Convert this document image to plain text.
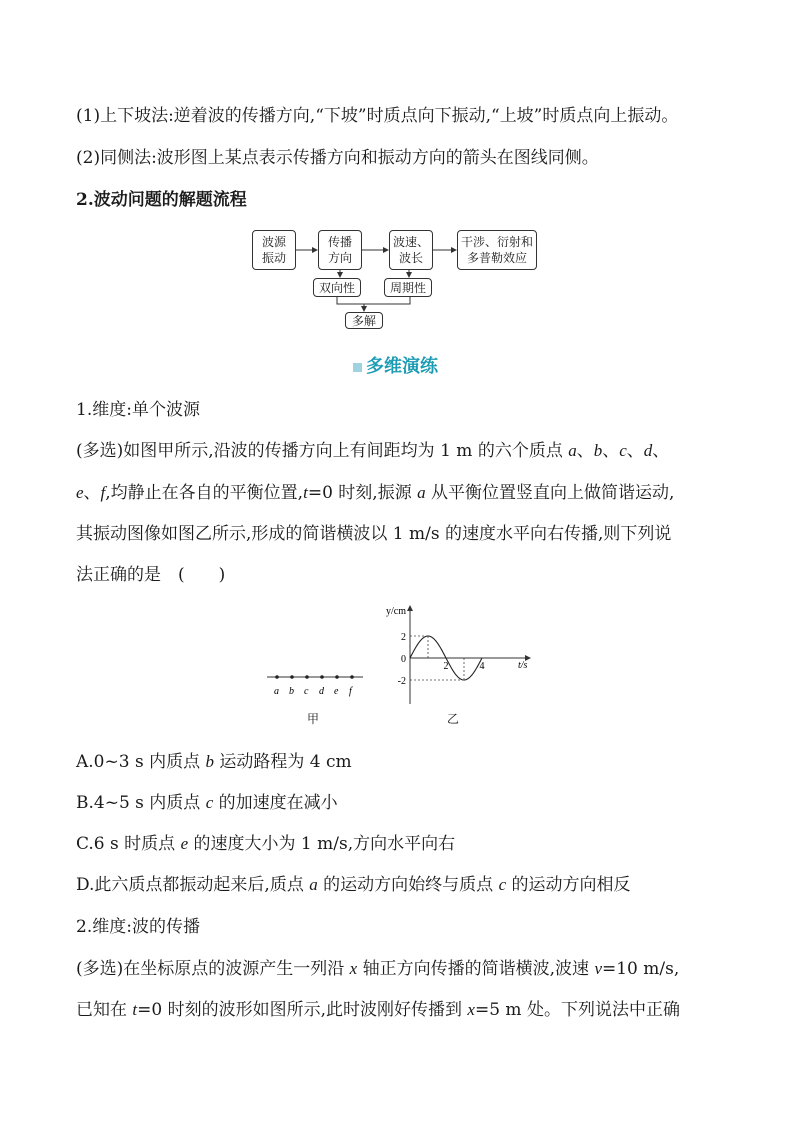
(1)上下坡法:逆着波的传播方向,“下坡”时质点向下振动,“上坡”时质点向上振动。
(2)同侧法:波形图上某点表示传播方向和振动方向的箭头在图线同侧。
2.波动问题的解题流程
波源
振动
传播
方向
波速、
波长
干涉、衍射和
多普勒效应
双向性	周期性
多解
多维演练
1.维度:单个波源
(多选)如图甲所示,沿波的传播方向上有间距均为 1 m 的六个质点 a、b、c、d、
e、f,均静止在各自的平衡位置,t=0 时刻,振源 a 从平衡位置竖直向上做简谐运动,
其振动图像如图乙所示,形成的简谐横波以 1 m/s 的速度水平向右传播,则下列说
法正确的是　(　　)
a b c d e f
甲
y/cm
t/s
2
0
-2
2	4
乙
A.0~3 s 内质点 b 运动路程为 4 cm
B.4~5 s 内质点 c 的加速度在减小
C.6 s 时质点 e 的速度大小为 1 m/s,方向水平向右
D.此六质点都振动起来后,质点 a 的运动方向始终与质点 c 的运动方向相反
2.维度:波的传播
(多选)在坐标原点的波源产生一列沿 x 轴正方向传播的简谐横波,波速 v=10 m/s,
已知在 t=0 时刻的波形如图所示,此时波刚好传播到 x=5 m 处。下列说法中正确
